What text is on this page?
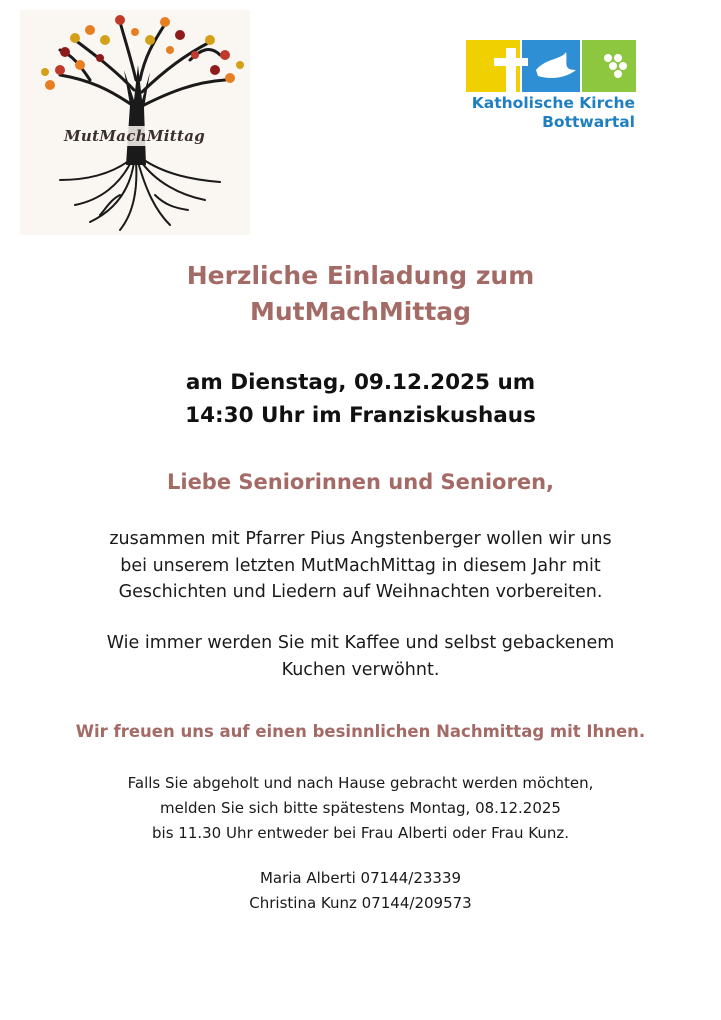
MutMachMittag
Katholische Kirche
Bottwartal
Herzliche Einladung zum
MutMachMittag
am Dienstag, 09.12.2025 um
14:30 Uhr im Franziskushaus
Liebe Seniorinnen und Senioren,
zusammen mit Pfarrer Pius Angstenberger wollen wir uns
bei unserem letzten MutMachMittag in diesem Jahr mit
Geschichten und Liedern auf Weihnachten vorbereiten.
Wie immer werden Sie mit Kaffee und selbst gebackenem
Kuchen verwöhnt.
Wir freuen uns auf einen besinnlichen Nachmittag mit Ihnen.
Falls Sie abgeholt und nach Hause gebracht werden möchten,
melden Sie sich bitte spätestens Montag, 08.12.2025
bis 11.30 Uhr entweder bei Frau Alberti oder Frau Kunz.
Maria Alberti 07144/23339
Christina Kunz 07144/209573
